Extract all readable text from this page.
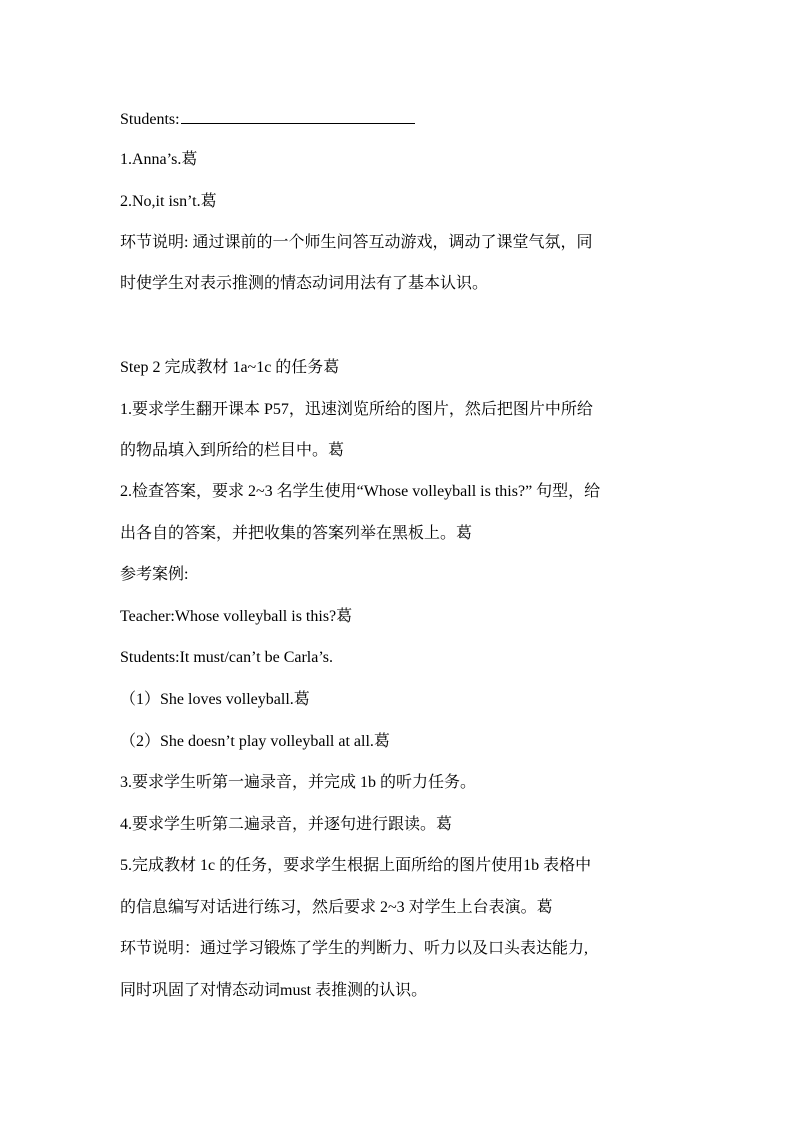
Students:
1.Anna’s.葛
2.No,it isn’t.葛
环节说明: 通过课前的一个师生问答互动游戏，调动了课堂气氛，同
时使学生对表示推测的情态动词用法有了基本认识。
Step 2 完成教材 1a~1c 的任务葛
1.要求学生翻开课本 P57，迅速浏览所给的图片，然后把图片中所给
的物品填入到所给的栏目中。葛
2.检查答案，要求 2~3 名学生使用“Whose volleyball is this?” 句型，给
出各自的答案，并把收集的答案列举在黑板上。葛
参考案例:
Teacher:Whose volleyball is this?葛
Students:It must/can’t be Carla’s.
（1）She loves volleyball.葛
（2）She doesn’t play volleyball at all.葛
3.要求学生听第一遍录音，并完成 1b 的听力任务。
4.要求学生听第二遍录音，并逐句进行跟读。葛
5.完成教材 1c 的任务，要求学生根据上面所给的图片使用1b 表格中
的信息编写对话进行练习，然后要求 2~3 对学生上台表演。葛
环节说明：通过学习锻炼了学生的判断力、听力以及口头表达能力,
同时巩固了对情态动词must 表推测的认识。
